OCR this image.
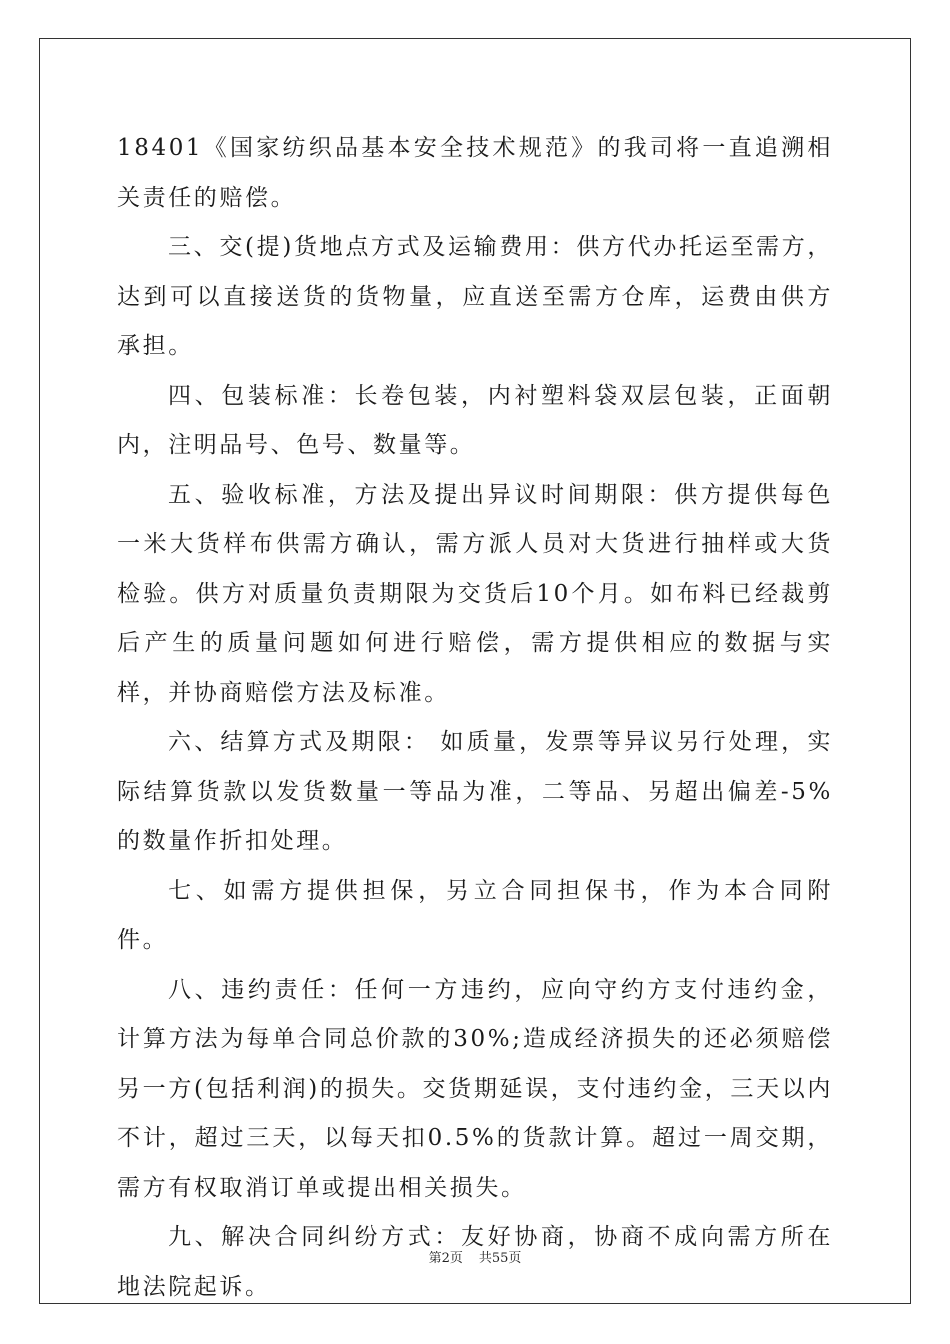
18401《国家纺织品基本安全技术规范》的我司将一直追溯相关责任的赔偿。

三、交(提)货地点方式及运输费用：供方代办托运至需方，达到可以直接送货的货物量，应直送至需方仓库，运费由供方承担。

四、包装标准：长卷包装，内衬塑料袋双层包装，正面朝内，注明品号、色号、数量等。

五、验收标准，方法及提出异议时间期限：供方提供每色一米大货样布供需方确认，需方派人员对大货进行抽样或大货检验。供方对质量负责期限为交货后10个月。如布料已经裁剪后产生的质量问题如何进行赔偿，需方提供相应的数据与实样，并协商赔偿方法及标准。

六、结算方式及期限： 如质量，发票等异议另行处理，实际结算货款以发货数量一等品为准，二等品、另超出偏差-5%的数量作折扣处理。

七、如需方提供担保，另立合同担保书，作为本合同附件。

八、违约责任：任何一方违约，应向守约方支付违约金，计算方法为每单合同总价款的30%;造成经济损失的还必须赔偿另一方(包括利润)的损失。交货期延误，支付违约金，三天以内不计，超过三天，以每天扣0.5%的货款计算。超过一周交期，需方有权取消订单或提出相关损失。

九、解决合同纠纷方式：友好协商，协商不成向需方所在地法院起诉。

第2页 共55页
